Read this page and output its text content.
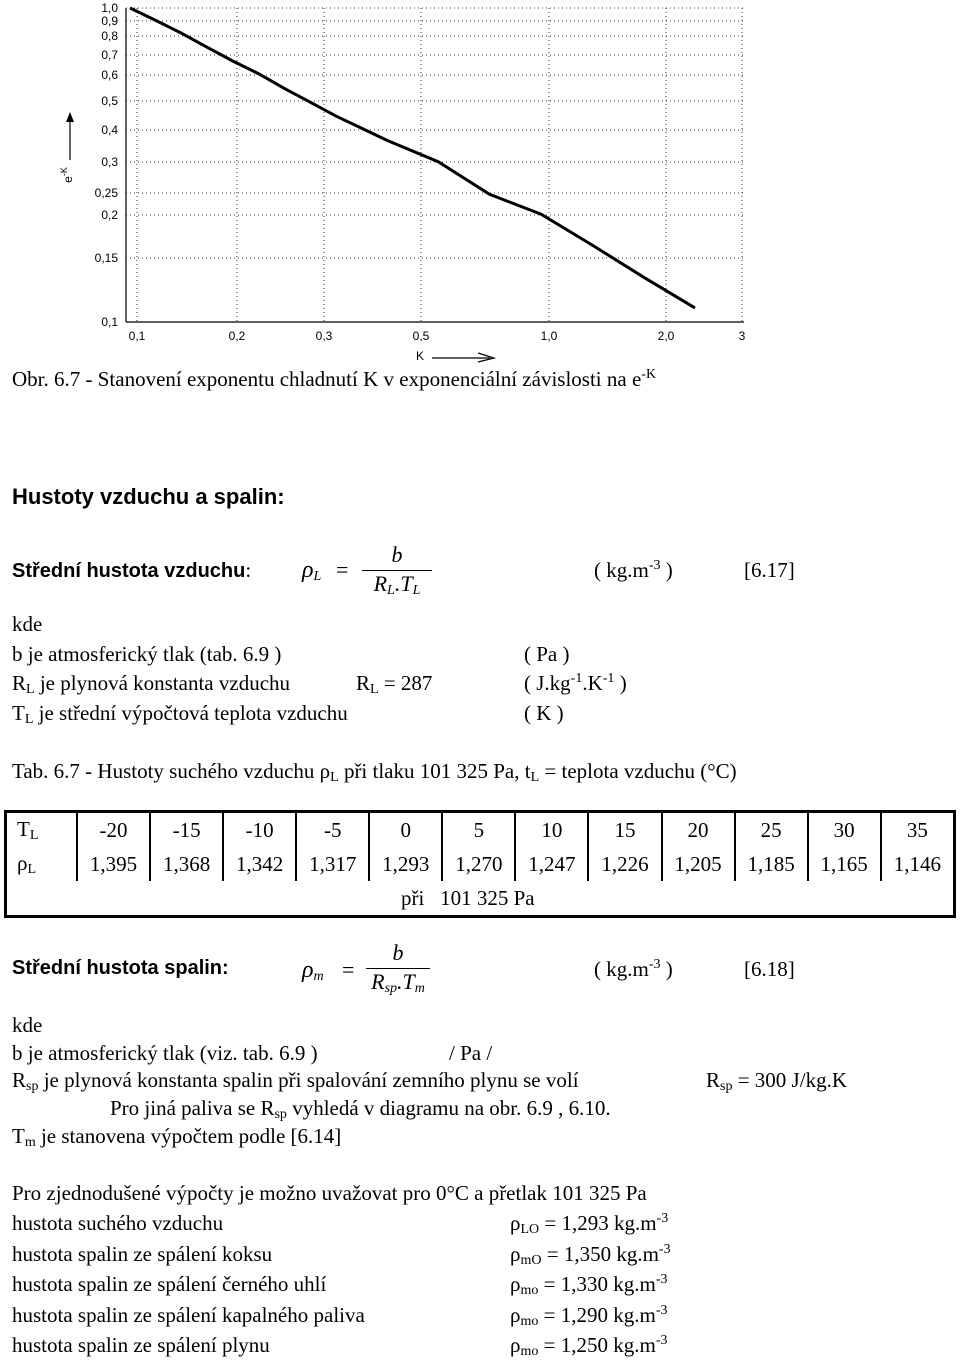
1,0
0,9
0,8
0,7
0,6
0,5
0,4
0,3
0,25
0,2
0,15
0,1
0,1	0,2	0,3	0,5	1,0	2,0	3
$e^{-K}$
K
Obr. 6.7 - Stanovení exponentu chladnutí K v exponenciální závislosti na $e^{-K}$
Hustoty vzduchu a spalin:
Střední hustota vzduchu: $\rho_L$ =
b
$R_L.T_L$
( $kg.m^{-3}$ )	[6.17]
kde
b je atmosferický tlak (tab. 6.9 )	( Pa )
$R_L$ je plynová konstanta vzduchu	$R_L = 287$	( $J.kg^{-1}.K^{-1}$ )
$T_L$ je střední výpočtová teplota vzduchu	( K )
Tab. 6.7 - Hustoty suchého vzduchu $\rho_L$ při tlaku 101 325 Pa, $t_L$ = teplota vzduchu (°C)
$T_L$	-20	-15	-10	-5	0	5	10	15	20	25	30	35
$\rho_L$	1,395	1,368	1,342	1,317	1,293	1,270	1,247	1,226	1,205	1,185	1,165	1,146
při 101 325 Pa												
Střední hustota spalin:	$\rho_m$ =
b
$R_{sp}.T_m$
( $kg.m^{-3}$ )	[6.18]
kde
b je atmosferický tlak (viz. tab. 6.9 )	/ Pa /
$R_{sp}$ je plynová konstanta spalin při spalování zemního plynu se volí	$R_{sp} = 300$ J/kg.K
Pro jiná paliva se $R_{sp}$ vyhledá v diagramu na obr. 6.9 , 6.10.
$T_m$ je stanovena výpočtem podle [6.14]
Pro zjednodušené výpočty je možno uvažovat pro 0°C a přetlak 101 325 Pa
hustota suchého vzduchu	$\rho_{LO} = 1,293$ $kg.m^{-3}$
hustota spalin ze spálení koksu	$\rho_{mO} = 1,350$ $kg.m^{-3}$
hustota spalin ze spálení černého uhlí	$\rho_{mo} = 1,330$ $kg.m^{-3}$
hustota spalin ze spálení kapalného paliva	$\rho_{mo} = 1,290$ $kg.m^{-3}$
hustota spalin ze spálení plynu	$\rho_{mo} = 1,250$ $kg.m^{-3}$
